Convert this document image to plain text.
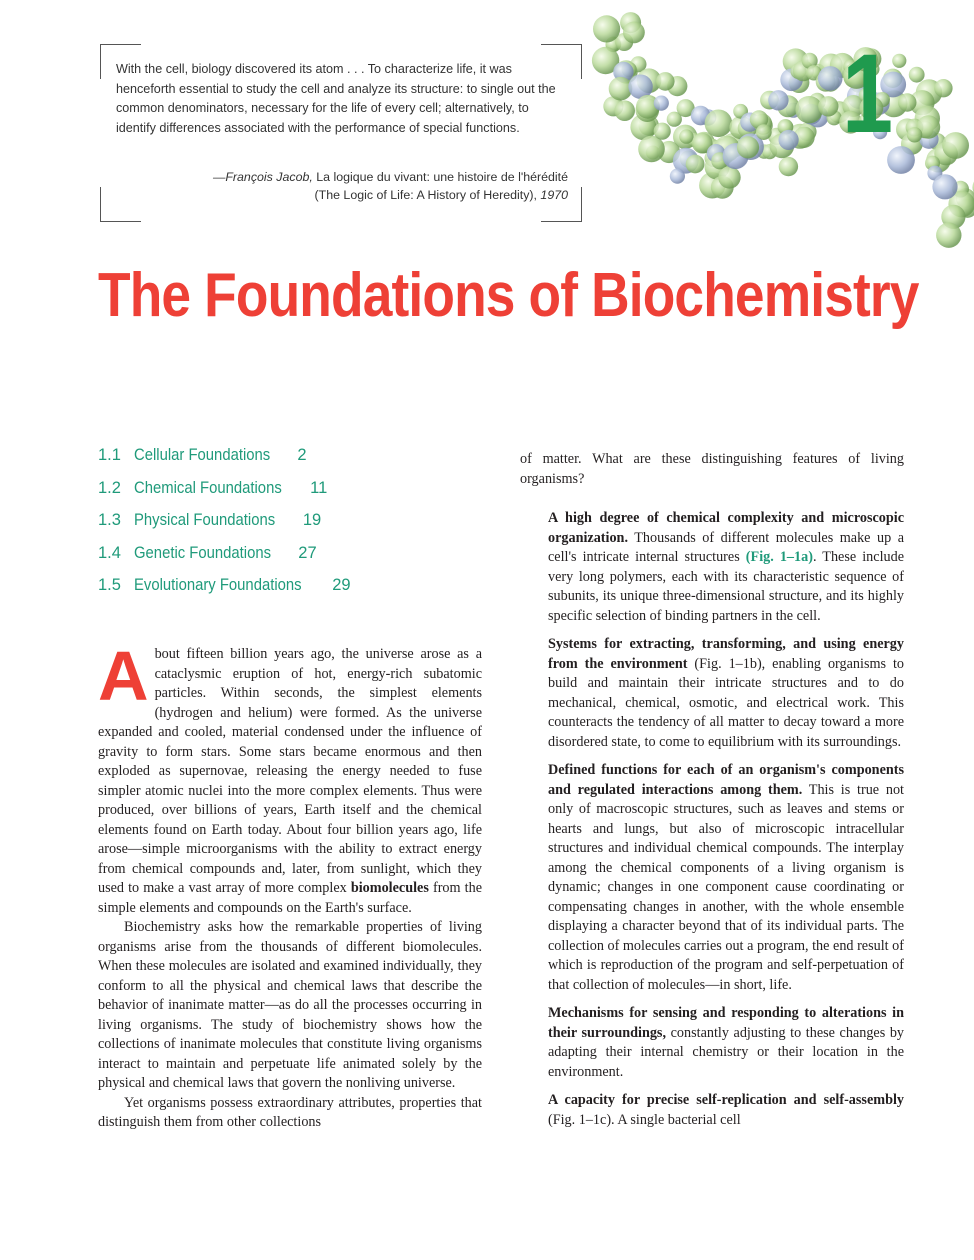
1
With the cell, biology discovered its atom . . . To characterize life, it was henceforth essential to study the cell and analyze its structure: to single out the common denominators, necessary for the life of every cell; alternatively, to identify differences associated with the performance of special functions.
—François Jacob, La logique du vivant: une histoire de l'hérédité
(The Logic of Life: A History of Heredity), 1970
The Foundations of Biochemistry
1.1 Cellular Foundations 2
1.2 Chemical Foundations 11
1.3 Physical Foundations 19
1.4 Genetic Foundations 27
1.5 Evolutionary Foundations 29

A bout fifteen billion years ago, the universe arose as a cataclysmic eruption of hot, energy-rich subatomic particles. Within seconds, the simplest elements (hydrogen and helium) were formed. As the universe expanded and cooled, material condensed under the influence of gravity to form stars. Some stars became enormous and then exploded as supernovae, releasing the energy needed to fuse simpler atomic nuclei into the more complex elements. Thus were produced, over billions of years, Earth itself and the chemical elements found on Earth today. About four billion years ago, life arose—simple microorganisms with the ability to extract energy from chemical compounds and, later, from sunlight, which they used to make a vast array of more complex biomolecules from the simple elements and compounds on the Earth's surface.

Biochemistry asks how the remarkable properties of living organisms arise from the thousands of different biomolecules. When these molecules are isolated and examined individually, they conform to all the physical and chemical laws that describe the behavior of inanimate matter—as do all the processes occurring in living organisms. The study of biochemistry shows how the collections of inanimate molecules that constitute living organisms interact to maintain and perpetuate life animated solely by the physical and chemical laws that govern the nonliving universe.

Yet organisms possess extraordinary attributes, properties that distinguish them from other collections

of matter. What are these distinguishing features of living organisms?

A high degree of chemical complexity and microscopic organization. Thousands of different molecules make up a cell's intricate internal structures (Fig. 1–1a). These include very long polymers, each with its characteristic sequence of subunits, its unique three-dimensional structure, and its highly specific selection of binding partners in the cell.

Systems for extracting, transforming, and using energy from the environment (Fig. 1–1b), enabling organisms to build and maintain their intricate structures and to do mechanical, chemical, osmotic, and electrical work. This counteracts the tendency of all matter to decay toward a more disordered state, to come to equilibrium with its surroundings.

Defined functions for each of an organism's components and regulated interactions among them. This is true not only of macroscopic structures, such as leaves and stems or hearts and lungs, but also of microscopic intracellular structures and individual chemical compounds. The interplay among the chemical components of a living organism is dynamic; changes in one component cause coordinating or compensating changes in another, with the whole ensemble displaying a character beyond that of its individual parts. The collection of molecules carries out a program, the end result of which is reproduction of the program and self-perpetuation of that collection of molecules—in short, life.

Mechanisms for sensing and responding to alterations in their surroundings, constantly adjusting to these changes by adapting their internal chemistry or their location in the environment.

A capacity for precise self-replication and self-assembly (Fig. 1–1c). A single bacterial cell
